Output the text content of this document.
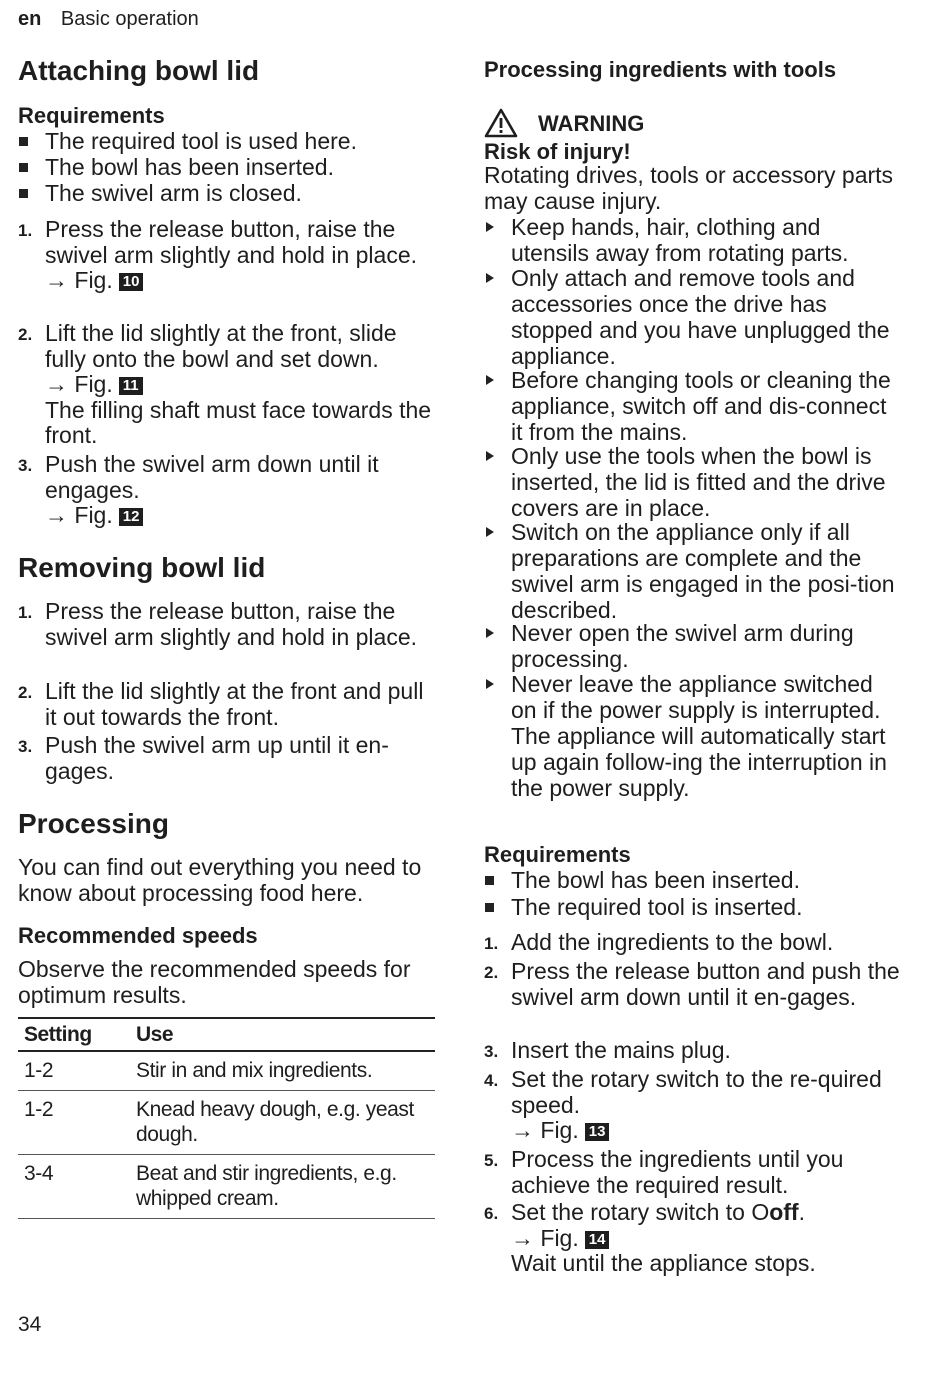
en Basic operation
Attaching bowl lid
Requirements
The required tool is used here.
The bowl has been inserted.
The swivel arm is closed.
1. Press the release button, raise the swivel arm slightly and hold in place.
→ Fig. 10
2. Lift the lid slightly at the front, slide fully onto the bowl and set down.
→ Fig. 11
The filling shaft must face towards the front.
3. Push the swivel arm down until it engages.
→ Fig. 12
Removing bowl lid
1. Press the release button, raise the swivel arm slightly and hold in place.
2. Lift the lid slightly at the front and pull it out towards the front.
3. Push the swivel arm up until it en-gages.
Processing
You can find out everything you need to know about processing food here.
Recommended speeds
Observe the recommended speeds for optimum results.
Setting	Use
1-2	Stir in and mix ingredients.
1-2	Knead heavy dough, e.g. yeast dough.
3-4	Beat and stir ingredients, e.g. whipped cream.
Processing ingredients with tools
WARNING
Risk of injury!
Rotating drives, tools or accessory parts may cause injury.
Keep hands, hair, clothing and utensils away from rotating parts.
Only attach and remove tools and accessories once the drive has stopped and you have unplugged the appliance.
Before changing tools or cleaning the appliance, switch off and dis-connect it from the mains.
Only use the tools when the bowl is inserted, the lid is fitted and the drive covers are in place.
Switch on the appliance only if all preparations are complete and the swivel arm is engaged in the posi-tion described.
Never open the swivel arm during processing.
Never leave the appliance switched on if the power supply is interrupted. The appliance will automatically start up again follow-ing the interruption in the power supply.
Requirements
The bowl has been inserted.
The required tool is inserted.
1. Add the ingredients to the bowl.
2. Press the release button and push the swivel arm down until it en-gages.
3. Insert the mains plug.
4. Set the rotary switch to the re-quired speed.
→ Fig. 13
5. Process the ingredients until you achieve the required result.
6. Set the rotary switch to Ooff.
→ Fig. 14
Wait until the appliance stops.
34
